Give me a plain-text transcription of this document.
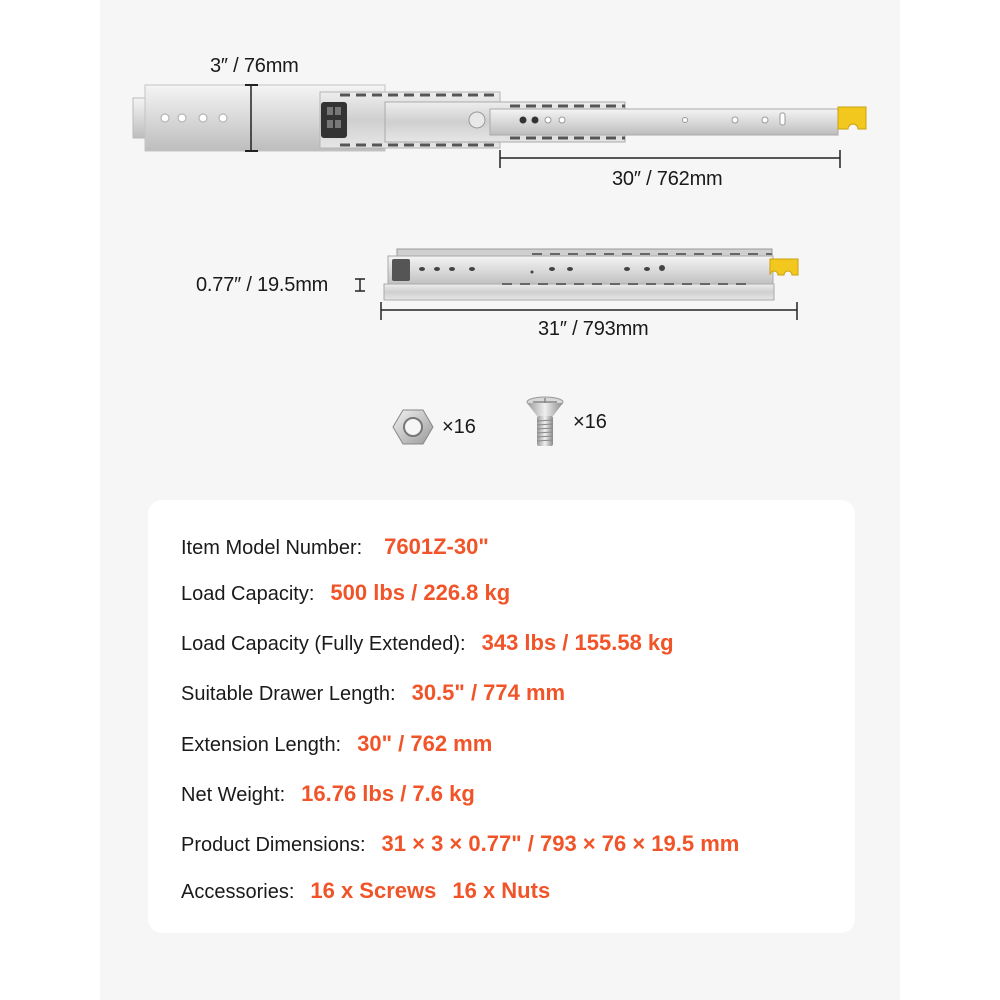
3″ / 76mm
30″ / 762mm
0.77″ / 19.5mm
31″ / 793mm
×16	×16
Item Model Number: 7601Z-30"
Load Capacity: 500 lbs / 226.8 kg
Load Capacity (Fully Extended): 343 lbs / 155.58 kg
Suitable Drawer Length: 30.5" / 774 mm
Extension Length: 30" / 762 mm
Net Weight: 16.76 lbs / 7.6 kg
Product Dimensions: 31 × 3 × 0.77" / 793 × 76 × 19.5 mm
Accessories: 16 x Screws 16 x Nuts
